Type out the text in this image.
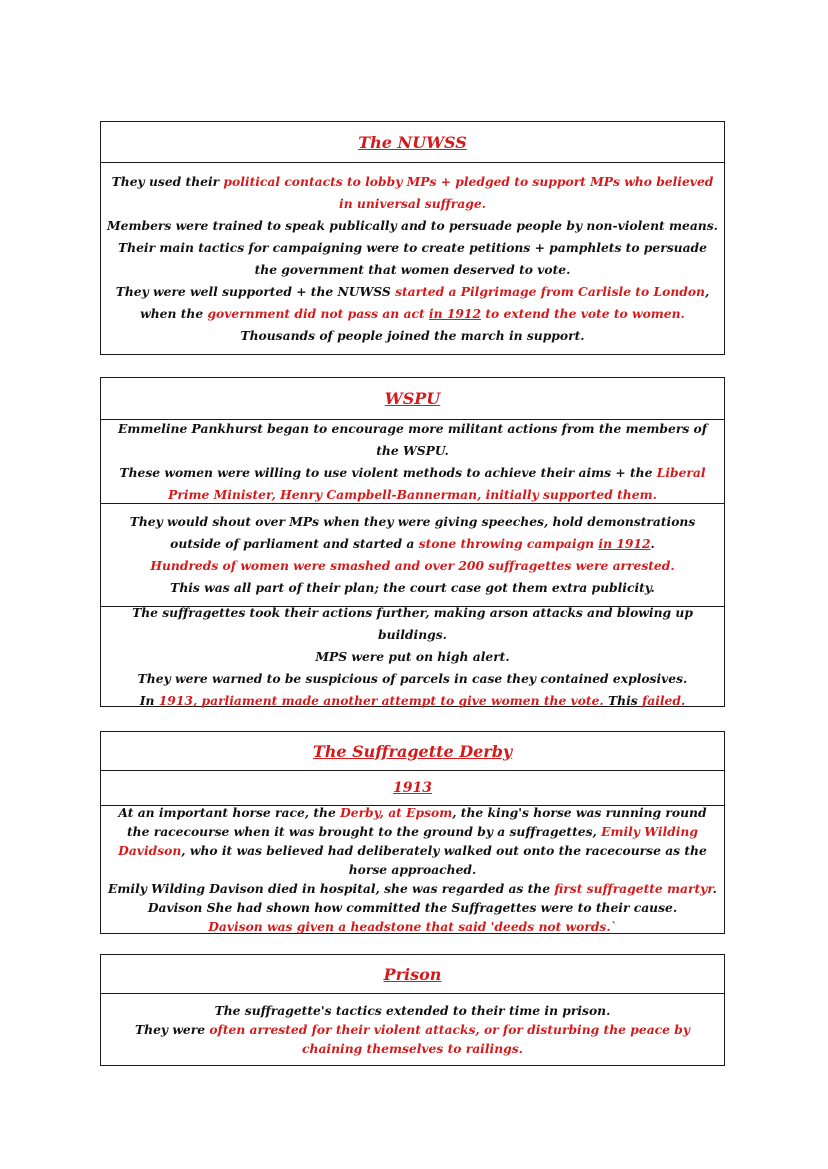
The NUWSS

They used their political contacts to lobby MPs + pledged to support MPs who believed in universal suffrage.

Members were trained to speak publically and to persuade people by non-violent means.

Their main tactics for campaigning were to create petitions + pamphlets to persuade the government that women deserved to vote.

They were well supported + the NUWSS started a Pilgrimage from Carlisle to London, when the government did not pass an act in 1912 to extend the vote to women.

Thousands of people joined the march in support.

WSPU

Emmeline Pankhurst began to encourage more militant actions from the members of the WSPU.

These women were willing to use violent methods to achieve their aims + the Liberal Prime Minister, Henry Campbell-Bannerman, initially supported them.

They would shout over MPs when they were giving speeches, hold demonstrations outside of parliament and started a stone throwing campaign in 1912.

Hundreds of women were smashed and over 200 suffragettes were arrested.

This was all part of their plan; the court case got them extra publicity.

The suffragettes took their actions further, making arson attacks and blowing up buildings.

MPS were put on high alert.

They were warned to be suspicious of parcels in case they contained explosives.

In 1913, parliament made another attempt to give women the vote. This failed.

The Suffragette Derby
1913

At an important horse race, the Derby, at Epsom, the king's horse was running round the racecourse when it was brought to the ground by a suffragettes, Emily Wilding Davidson, who it was believed had deliberately walked out onto the racecourse as the horse approached.

Emily Wilding Davison died in hospital, she was regarded as the first suffragette martyr.

Davison She had shown how committed the Suffragettes were to their cause.

Davison was given a headstone that said 'deeds not words.`

Prison

The suffragette's tactics extended to their time in prison.

They were often arrested for their violent attacks, or for disturbing the peace by chaining themselves to railings.
